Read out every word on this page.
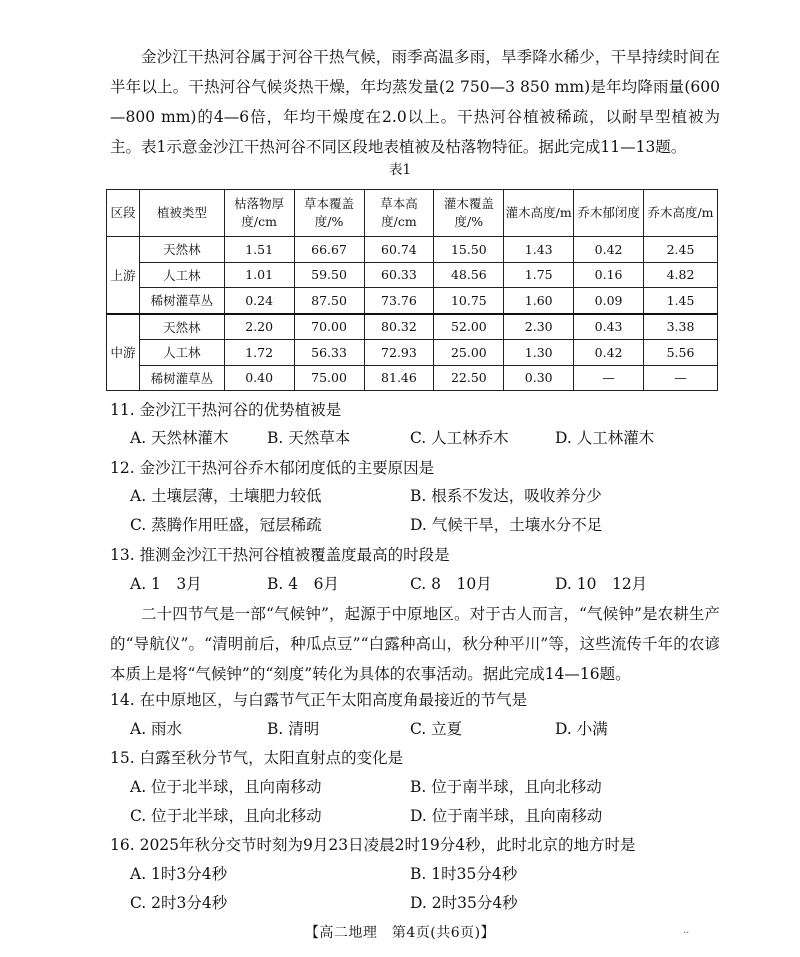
金沙江干热河谷属于河谷干热气候，雨季高温多雨，旱季降水稀少，干旱持续时间在半年以上。干热河谷气候炎热干燥，年均蒸发量(2 750—3 850 mm)是年均降雨量(600—800 mm)的4—6倍，年均干燥度在2.0以上。干热河谷植被稀疏，以耐旱型植被为主。表1示意金沙江干热河谷不同区段地表植被及枯落物特征。据此完成11—13题。

表1
区段	植被类型	枯落物厚度/cm	草本覆盖度/%	草本高度/cm	灌木覆盖度/%	灌木高度/m	乔木郁闭度	乔木高度/m
上游	天然林	1.51	66.67	60.74	15.50	1.43	0.42	2.45
	人工林	1.01	59.50	60.33	48.56	1.75	0.16	4.82
	稀树灌草丛	0.24	87.50	73.76	10.75	1.60	0.09	1.45
中游	天然林	2.20	70.00	80.32	52.00	2.30	0.43	3.38
	人工林	1.72	56.33	72.93	25.00	1.30	0.42	5.56
	稀树灌草丛	0.40	75.00	81.46	22.50	0.30	—	—
11. 金沙江干热河谷的优势植被是
A. 天然林灌木 B. 天然草本	C. 人工林乔木	D. 人工林灌木
12. 金沙江干热河谷乔木郁闭度低的主要原因是
A. 土壤层薄，土壤肥力较低	B. 根系不发达，吸收养分少
C. 蒸腾作用旺盛，冠层稀疏	D. 气候干旱，土壤水分不足
13. 推测金沙江干热河谷植被覆盖度最高的时段是
A. 1　3月	B. 4　6月	C. 8　10月	D. 10　12月

二十四节气是一部“气候钟”，起源于中原地区。对于古人而言，“气候钟”是农耕生产的“导航仪”。“清明前后，种瓜点豆”“白露种高山，秋分种平川”等，这些流传千年的农谚本质上是将“气候钟”的“刻度”转化为具体的农事活动。据此完成14—16题。

14. 在中原地区，与白露节气正午太阳高度角最接近的节气是
A. 雨水	B. 清明	C. 立夏	D. 小满
15. 白露至秋分节气，太阳直射点的变化是
A. 位于北半球，且向南移动	B. 位于南半球，且向北移动
C. 位于北半球，且向北移动	D. 位于南半球，且向南移动
16. 2025年秋分交节时刻为9月23日凌晨2时19分4秒，此时北京的地方时是
A. 1时3分4秒	B. 1时35分4秒
C. 2时3分4秒	D. 2时35分4秒
【高二地理　第4页(共6页)】	··
